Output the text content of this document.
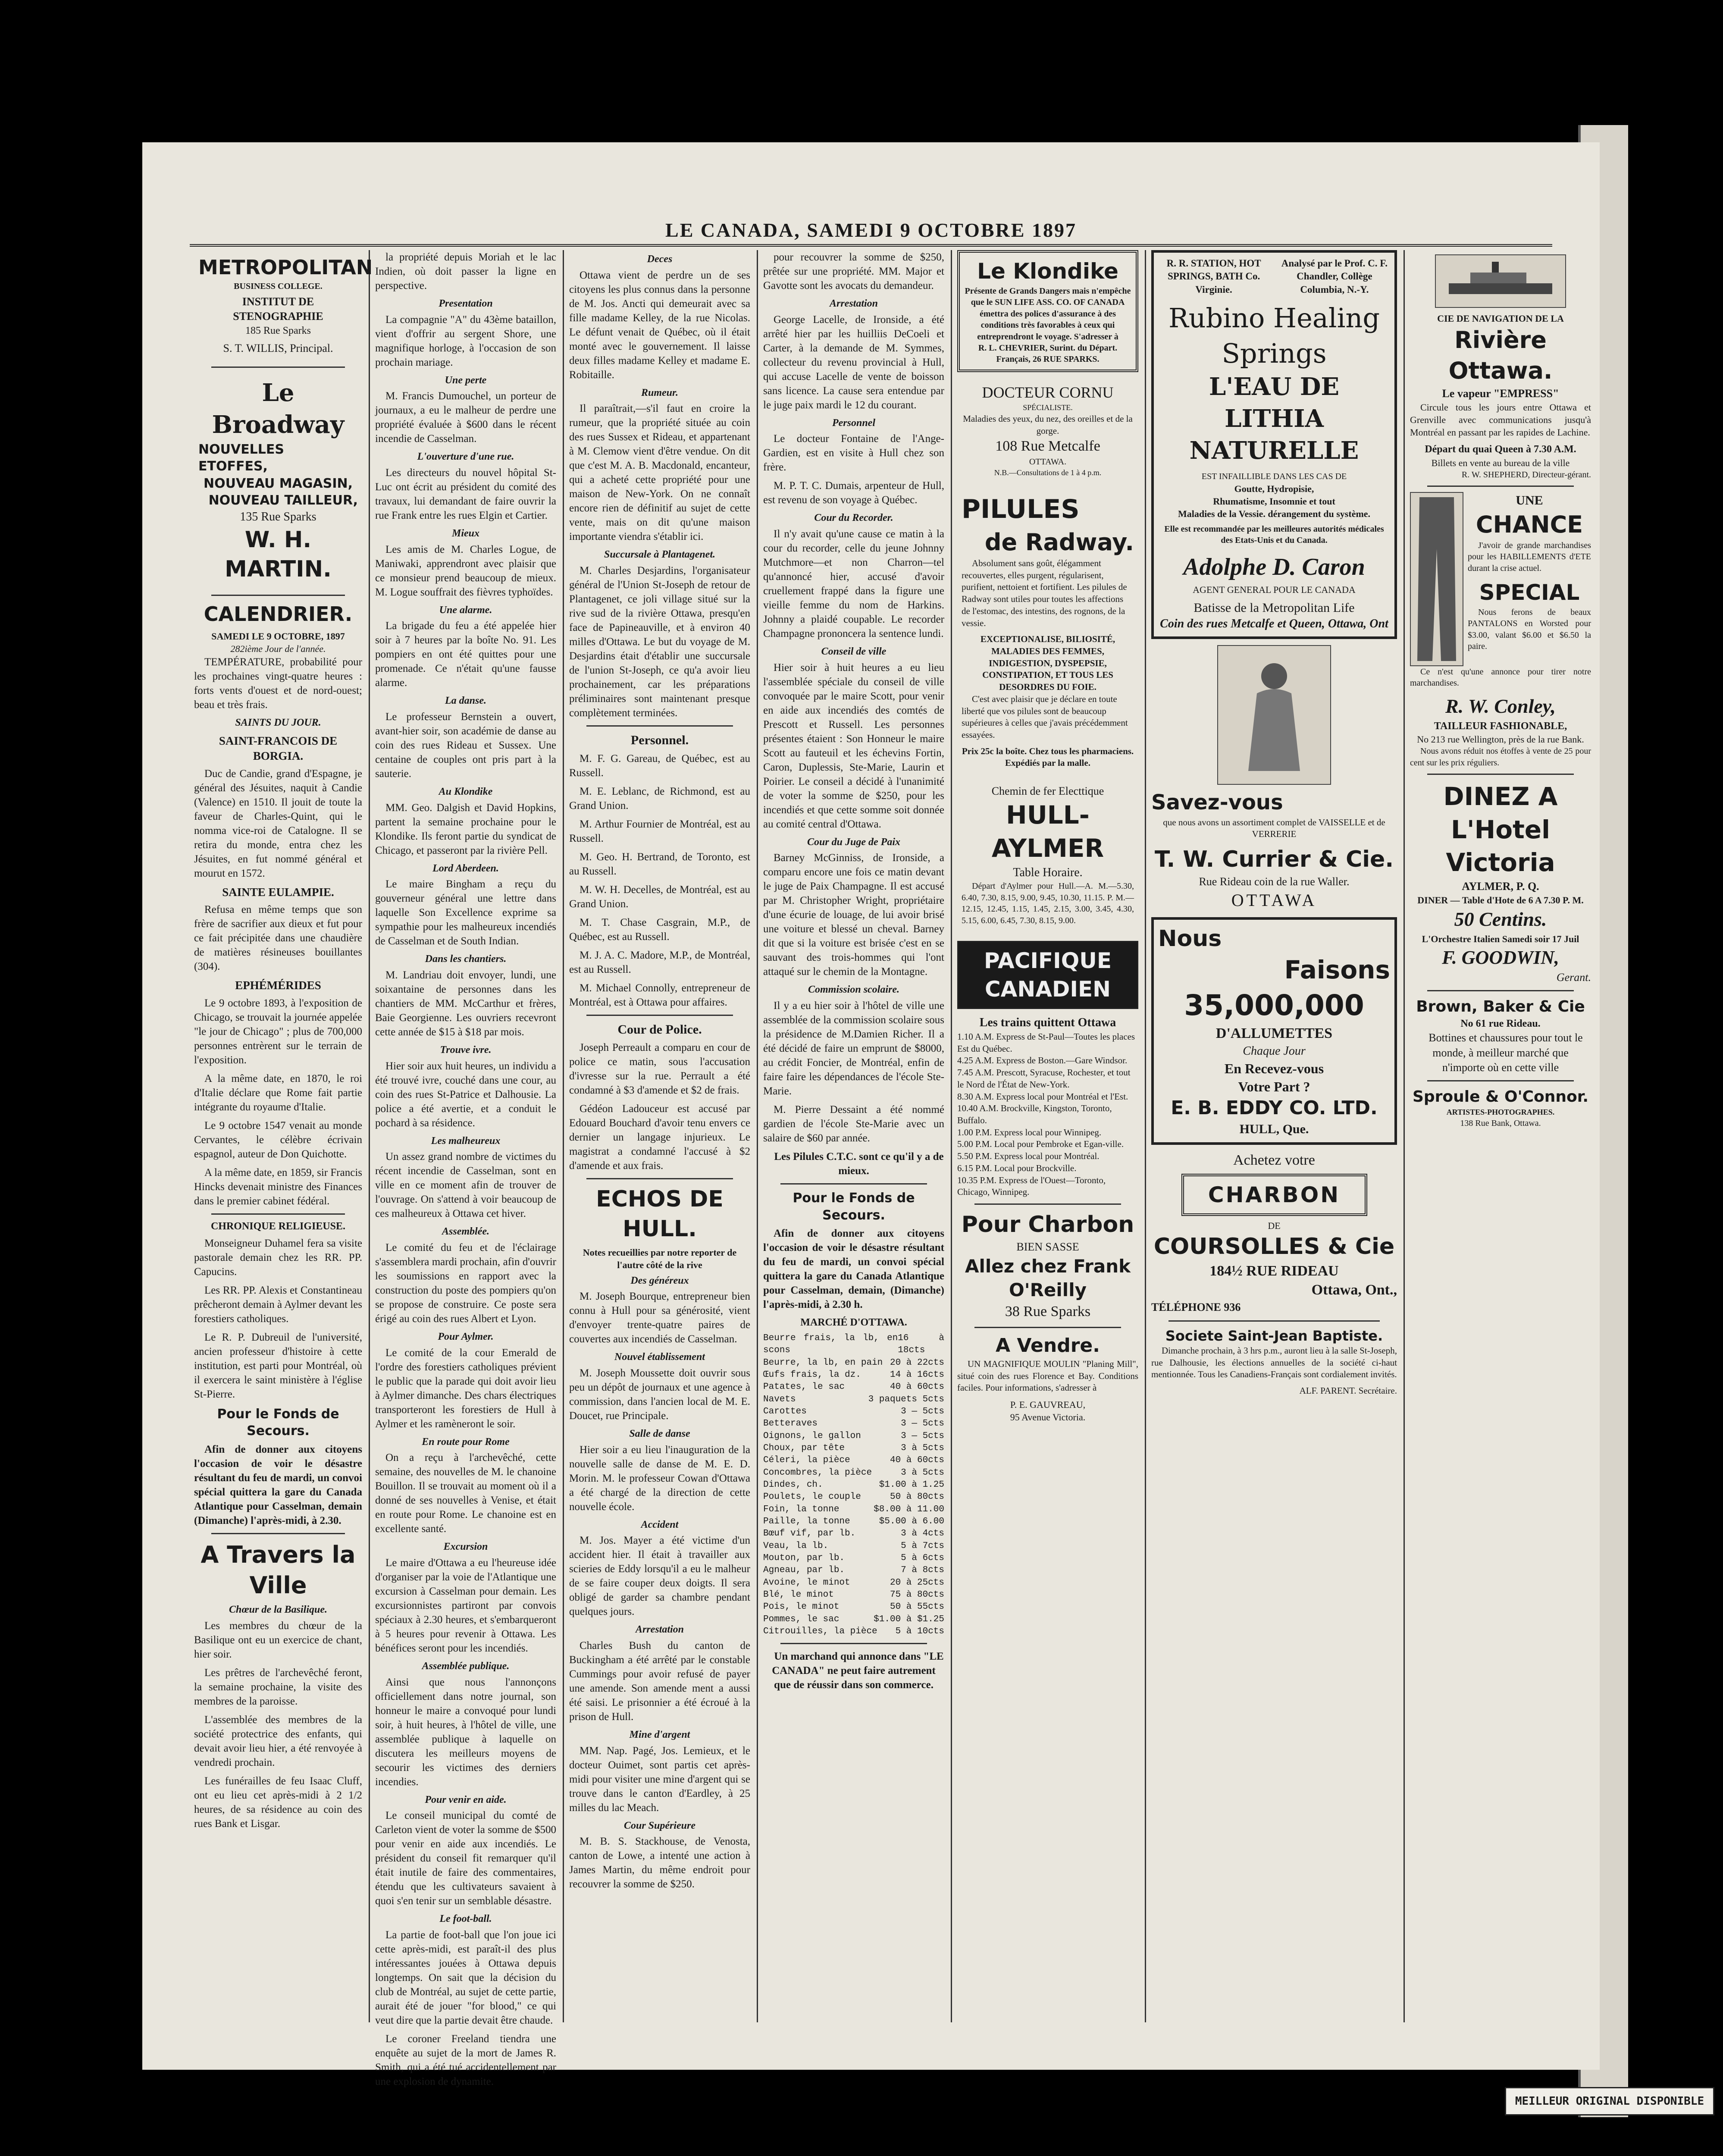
LE CANADA, SAMEDI 9 OCTOBRE 1897
METROPOLITAN
BUSINESS COLLEGE.
INSTITUT DE STENOGRAPHIE
185 Rue Sparks
S. T. WILLIS, Principal.
Le Broadway
NOUVELLES ETOFFES,
NOUVEAU MAGASIN,
NOUVEAU TAILLEUR,
135 Rue Sparks
W. H. MARTIN.
CALENDRIER.
SAMEDI LE 9 OCTOBRE, 1897
282ième Jour de l'année.

TEMPÉRATURE, probabilité pour les prochaines vingt-quatre heures : forts vents d'ouest et de nord-ouest; beau et très frais.

SAINTS DU JOUR.
SAINT-FRANCOIS DE BORGIA.

Duc de Candie, grand d'Espagne, je général des Jésuites, naquit à Candie (Valence) en 1510. Il jouit de toute la faveur de Charles-Quint, qui le nomma vice-roi de Catalogne. Il se retira du monde, entra chez les Jésuites, en fut nommé général et mourut en 1572.

SAINTE EULAMPIE.

Refusa en même temps que son frère de sacrifier aux dieux et fut pour ce fait précipitée dans une chaudière de matières résineuses bouillantes (304).

EPHÉMÉRIDES

Le 9 octobre 1893, à l'exposition de Chicago, se trouvait la journée appelée "le jour de Chicago" ; plus de 700,000 personnes entrèrent sur le terrain de l'exposition.

A la même date, en 1870, le roi d'Italie déclare que Rome fait partie intégrante du royaume d'Italie.

Le 9 octobre 1547 venait au monde Cervantes, le célèbre écrivain espagnol, auteur de Don Quichotte.

A la même date, en 1859, sir Francis Hincks devenait ministre des Finances dans le premier cabinet fédéral.

CHRONIQUE RELIGIEUSE.

Monseigneur Duhamel fera sa visite pastorale demain chez les RR. PP. Capucins.

Les RR. PP. Alexis et Constantineau prêcheront demain à Aylmer devant les forestiers catholiques.

Le R. P. Dubreuil de l'université, ancien professeur d'histoire à cette institution, est parti pour Montréal, où il exercera le saint ministère à l'église St-Pierre.

Pour le Fonds de Secours.

Afin de donner aux citoyens l'occasion de voir le désastre résultant du feu de mardi, un convoi spécial quittera la gare du Canada Atlantique pour Casselman, demain (Dimanche) l'après-midi, à 2.30.

A Travers la Ville
Chœur de la Basilique.

Les membres du chœur de la Basilique ont eu un exercice de chant, hier soir.

Les prêtres de l'archevêché feront, la semaine prochaine, la visite des membres de la paroisse.

L'assemblée des membres de la société protectrice des enfants, qui devait avoir lieu hier, a été renvoyée à vendredi prochain.

Les funérailles de feu Isaac Cluff, ont eu lieu cet après-midi à 2 1/2 heures, de sa résidence au coin des rues Bank et Lisgar.

la propriété depuis Moriah et le lac Indien, où doit passer la ligne en perspective.

Presentation

La compagnie "A" du 43ème bataillon, vient d'offrir au sergent Shore, une magnifique horloge, à l'occasion de son prochain mariage.

Une perte

M. Francis Dumouchel, un porteur de journaux, a eu le malheur de perdre une propriété évaluée à $600 dans le récent incendie de Casselman.

L'ouverture d'une rue.

Les directeurs du nouvel hôpital St-Luc ont écrit au président du comité des travaux, lui demandant de faire ouvrir la rue Frank entre les rues Elgin et Cartier.

Mieux

Les amis de M. Charles Logue, de Maniwaki, apprendront avec plaisir que ce monsieur prend beaucoup de mieux. M. Logue souffrait des fièvres typhoïdes.

Une alarme.

La brigade du feu a été appelée hier soir à 7 heures par la boîte No. 91. Les pompiers en ont été quittes pour une promenade. Ce n'était qu'une fausse alarme.

La danse.

Le professeur Bernstein a ouvert, avant-hier soir, son académie de danse au coin des rues Rideau et Sussex. Une centaine de couples ont pris part à la sauterie.

Au Klondike

MM. Geo. Dalgish et David Hopkins, partent la semaine prochaine pour le Klondike. Ils feront partie du syndicat de Chicago, et passeront par la rivière Pell.

Lord Aberdeen.

Le maire Bingham a reçu du gouverneur général une lettre dans laquelle Son Excellence exprime sa sympathie pour les malheureux incendiés de Casselman et de South Indian.

Dans les chantiers.

M. Landriau doit envoyer, lundi, une soixantaine de personnes dans les chantiers de MM. McCarthur et frères, Baie Georgienne. Les ouvriers recevront cette année de $15 à $18 par mois.

Trouve ivre.

Hier soir aux huit heures, un individu a été trouvé ivre, couché dans une cour, au coin des rues St-Patrice et Dalhousie. La police a été avertie, et a conduit le pochard à sa résidence.

Les malheureux

Un assez grand nombre de victimes du récent incendie de Casselman, sont en ville en ce moment afin de trouver de l'ouvrage. On s'attend à voir beaucoup de ces malheureux à Ottawa cet hiver.

Assemblée.

Le comité du feu et de l'éclairage s'assemblera mardi prochain, afin d'ouvrir les soumissions en rapport avec la construction du poste des pompiers qu'on se propose de construire. Ce poste sera érigé au coin des rues Albert et Lyon.

Pour Aylmer.

Le comité de la cour Emerald de l'ordre des forestiers catholiques prévient le public que la parade qui doit avoir lieu à Aylmer dimanche. Des chars électriques transporteront les forestiers de Hull à Aylmer et les ramèneront le soir.

En route pour Rome

On a reçu à l'archevêché, cette semaine, des nouvelles de M. le chanoine Bouillon. Il se trouvait au moment où il a donné de ses nouvelles à Venise, et était en route pour Rome. Le chanoine est en excellente santé.

Excursion

Le maire d'Ottawa a eu l'heureuse idée d'organiser par la voie de l'Atlantique une excursion à Casselman pour demain. Les excursionnistes partiront par convois spéciaux à 2.30 heures, et s'embarqueront à 5 heures pour revenir à Ottawa. Les bénéfices seront pour les incendiés.

Assemblée publique.

Ainsi que nous l'annonçons officiellement dans notre journal, son honneur le maire a convoqué pour lundi soir, à huit heures, à l'hôtel de ville, une assemblée publique à laquelle on discutera les meilleurs moyens de secourir les victimes des derniers incendies.

Pour venir en aide.

Le conseil municipal du comté de Carleton vient de voter la somme de $500 pour venir en aide aux incendiés. Le président du conseil fit remarquer qu'il était inutile de faire des commentaires, étendu que les cultivateurs savaient à quoi s'en tenir sur un semblable désastre.

Le foot-ball.

La partie de foot-ball que l'on joue ici cette après-midi, est paraît-il des plus intéressantes jouées à Ottawa depuis longtemps. On sait que la décision du club de Montréal, au sujet de cette partie, aurait été de jouer "for blood," ce qui veut dire que la partie devait être chaude.

Le coroner Freeland tiendra une enquête au sujet de la mort de James R. Smith, qui a été tué accidentellement par une explosion de dynamite.

Deces

Ottawa vient de perdre un de ses citoyens les plus connus dans la personne de M. Jos. Ancti qui demeurait avec sa fille madame Kelley, de la rue Nicolas. Le défunt venait de Québec, où il était monté avec le gouvernement. Il laisse deux filles madame Kelley et madame E. Robitaille.

Rumeur.

Il paraîtrait,—s'il faut en croire la rumeur, que la propriété située au coin des rues Sussex et Rideau, et appartenant à M. Clemow vient d'être vendue. On dit que c'est M. A. B. Macdonald, encanteur, qui a acheté cette propriété pour une maison de New-York. On ne connaît encore rien de définitif au sujet de cette vente, mais on dit qu'une maison importante viendra s'établir ici.

Succursale à Plantagenet.

M. Charles Desjardins, l'organisateur général de l'Union St-Joseph de retour de Plantagenet, ce joli village situé sur la rive sud de la rivière Ottawa, presqu'en face de Papineauville, et à environ 40 milles d'Ottawa. Le but du voyage de M. Desjardins était d'établir une succursale de l'union St-Joseph, ce qu'a avoir lieu prochainement, car les préparations préliminaires sont maintenant presque complètement terminées.

Personnel.

M. F. G. Gareau, de Québec, est au Russell.

M. E. Leblanc, de Richmond, est au Grand Union.

M. Arthur Fournier de Montréal, est au Russell.

M. Geo. H. Bertrand, de Toronto, est au Russell.

M. W. H. Decelles, de Montréal, est au Grand Union.

M. T. Chase Casgrain, M.P., de Québec, est au Russell.

M. J. A. C. Madore, M.P., de Montréal, est au Russell.

M. Michael Connolly, entrepreneur de Montréal, est à Ottawa pour affaires.

Cour de Police.

Joseph Perreault a comparu en cour de police ce matin, sous l'accusation d'ivresse sur la rue. Perrault a été condamné à $3 d'amende et $2 de frais.

Gédéon Ladouceur est accusé par Edouard Bouchard d'avoir tenu envers ce dernier un langage injurieux. Le magistrat a condamné l'accusé à $2 d'amende et aux frais.

ECHOS DE HULL.
Notes recueillies par notre reporter de l'autre côté de la rive
Des généreux

M. Joseph Bourque, entrepreneur bien connu à Hull pour sa générosité, vient d'envoyer trente-quatre paires de couvertes aux incendiés de Casselman.

Nouvel établissement

M. Joseph Moussette doit ouvrir sous peu un dépôt de journaux et une agence à commission, dans l'ancien local de M. E. Doucet, rue Principale.

Salle de danse

Hier soir a eu lieu l'inauguration de la nouvelle salle de danse de M. E. D. Morin. M. le professeur Cowan d'Ottawa a été chargé de la direction de cette nouvelle école.

Accident

M. Jos. Mayer a été victime d'un accident hier. Il était à travailler aux scieries de Eddy lorsqu'il a eu le malheur de se faire couper deux doigts. Il sera obligé de garder sa chambre pendant quelques jours.

Arrestation

Charles Bush du canton de Buckingham a été arrêté par le constable Cummings pour avoir refusé de payer une amende. Son amende ment a aussi été saisi. Le prisonnier a été écroué à la prison de Hull.

Mine d'argent

MM. Nap. Pagé, Jos. Lemieux, et le docteur Ouimet, sont partis cet après-midi pour visiter une mine d'argent qui se trouve dans le canton d'Eardley, à 25 milles du lac Meach.

Cour Supérieure

M. B. S. Stackhouse, de Venosta, canton de Lowe, a intenté une action à James Martin, du même endroit pour recouvrer la somme de $250.

pour recouvrer la somme de $250, prêtée sur une propriété. MM. Major et Gavotte sont les avocats du demandeur.

Arrestation

George Lacelle, de Ironside, a été arrêté hier par les huilliis DeCoeli et Carter, à la demande de M. Symmes, collecteur du revenu provincial à Hull, qui accuse Lacelle de vente de boisson sans licence. La cause sera entendue par le juge paix mardi le 12 du courant.

Personnel

Le docteur Fontaine de l'Ange-Gardien, est en visite à Hull chez son frère.

M. P. T. C. Dumais, arpenteur de Hull, est revenu de son voyage à Québec.

Cour du Recorder.

Il n'y avait qu'une cause ce matin à la cour du recorder, celle du jeune Johnny Mutchmore—et non Charron—tel qu'annoncé hier, accusé d'avoir cruellement frappé dans la figure une vieille femme du nom de Harkins. Johnny a plaidé coupable. Le recorder Champagne prononcera la sentence lundi.

Conseil de ville

Hier soir à huit heures a eu lieu l'assemblée spéciale du conseil de ville convoquée par le maire Scott, pour venir en aide aux incendiés des comtés de Prescott et Russell. Les personnes présentes étaient : Son Honneur le maire Scott au fauteuil et les échevins Fortin, Caron, Duplessis, Ste-Marie, Laurin et Poirier. Le conseil a décidé à l'unanimité de voter la somme de $250, pour les incendiés et que cette somme soit donnée au comité central d'Ottawa.

Cour du Juge de Paix

Barney McGinniss, de Ironside, a comparu encore une fois ce matin devant le juge de Paix Champagne. Il est accusé par M. Christopher Wright, propriétaire d'une écurie de louage, de lui avoir brisé une voiture et blessé un cheval. Barney dit que si la voiture est brisée c'est en se sauvant des trois-hommes qui l'ont attaqué sur le chemin de la Montagne.

Commission scolaire.

Il y a eu hier soir à l'hôtel de ville une assemblée de la commission scolaire sous la présidence de M.Damien Richer. Il a été décidé de faire un emprunt de $8000, au crédit Foncier, de Montréal, enfin de faire faire les dépendances de l'école Ste-Marie.

M. Pierre Dessaint a été nommé gardien de l'école Ste-Marie avec un salaire de $60 par année.

Les Pilules C.T.C. sont ce qu'il y a de mieux.

Pour le Fonds de Secours.

Afin de donner aux citoyens l'occasion de voir le désastre résultant du feu de mardi, un convoi spécial quittera la gare du Canada Atlantique pour Casselman, demain, (Dimanche) l'après-midi, à 2.30 h.

MARCHÉ D'OTTAWA.
Beurre frais, la lb, en scons
16 à 18cts
Beurre, la lb, en pain 20 à 22cts
Œufs frais, la dz.	14 à 16cts
Patates, le sac	40 à 60cts
Navets	3 paquets 5cts
Carottes	3 — 5cts
Betteraves	3 — 5cts
Oignons, le gallon	3 — 5cts
Choux, par tête	3 à 5cts
Céleri, la pièce	40 à 60cts
Concombres, la pièce	3 à 5cts
Dindes, ch.	$1.00 à 1.25
Poulets, le couple	50 à 80cts
Foin, la tonne	$8.00 à 11.00
Paille, la tonne	$5.00 à 6.00
Bœuf vif, par lb.	3 à 4cts
Veau, la lb.	5 à 7cts
Mouton, par lb.	5 à 6cts
Agneau, par lb.	7 à 8cts
Avoine, le minot	20 à 25cts
Blé, le minot	75 à 80cts
Pois, le minot	50 à 55cts
Pommes, le sac	$1.00 à $1.25
Citrouilles, la pièce 5 à 10cts

Un marchand qui annonce dans "LE CANADA" ne peut faire autrement que de réussir dans son commerce.

Le Klondike
Présente de Grands Dangers mais n'empêche que le SUN LIFE ASS. CO. OF CANADA émettra des polices d'assurance à des conditions très favorables à ceux qui entreprendront le voyage. S'adresser à
R. L. CHEVRIER, Surint. du Départ. Français, 26 RUE SPARKS.
DOCTEUR CORNU
SPÉCIALISTE.
Maladies des yeux, du nez, des oreilles et de la gorge.
108 Rue Metcalfe
OTTAWA.
N.B.—Consultations de 1 à 4 p.m.
PILULES
de Radway.

Absolument sans goût, élégamment recouvertes, elles purgent, régularisent, purifient, nettoient et fortifient. Les pilules de Radway sont utiles pour toutes les affections de l'estomac, des intestins, des rognons, de la vessie.

EXCEPTIONALISE, BILIOSITÉ, MALADIES DES FEMMES, INDIGESTION, DYSPEPSIE, CONSTIPATION, ET TOUS LES DESORDRES DU FOIE.

C'est avec plaisir que je déclare en toute liberté que vos pilules sont de beaucoup supérieures à celles que j'avais précédemment essayées.

Prix 25c la boîte. Chez tous les pharmaciens. Expédiés par la malle.
Chemin de fer Electtique
HULL-AYLMER
Table Horaire.

Départ d'Aylmer pour Hull.—A. M.—5.30, 6.40, 7.30, 8.15, 9.00, 9.45, 10.30, 11.15. P. M.—12.15, 12.45, 1.15, 1.45, 2.15, 3.00, 3.45, 4.30, 5.15, 6.00, 6.45, 7.30, 8.15, 9.00.

PACIFIQUE
CANADIEN
Les trains quittent Ottawa
1.10 A.M. Express de St-Paul—Toutes les places Est du Québec.
4.25 A.M. Express de Boston.—Gare Windsor.
7.45 A.M. Prescott, Syracuse, Rochester, et tout le Nord de l'État de New-York.
8.30 A.M. Express local pour Montréal et l'Est.
10.40 A.M. Brockville, Kingston, Toronto, Buffalo.
1.00 P.M. Express local pour Winnipeg.
5.00 P.M. Local pour Pembroke et Egan-ville.
5.50 P.M. Express local pour Montréal.
6.15 P.M. Local pour Brockville.
10.35 P.M. Express de l'Ouest—Toronto, Chicago, Winnipeg.
Pour Charbon
BIEN SASSE
Allez chez Frank O'Reilly
38 Rue Sparks
A Vendre.

UN MAGNIFIQUE MOULIN "Planing Mill", situé coin des rues Florence et Bay. Conditions faciles. Pour informations, s'adresser à

P. E. GAUVREAU,
95 Avenue Victoria.
R. R. STATION, HOT SPRINGS, BATH Co. Virginie.
Analysé par le Prof. C. F. Chandler, Collège Columbia, N.-Y.
Rubino Healing Springs
L'EAU DE LITHIA NATURELLE
EST INFAILLIBLE DANS LES CAS DE
Goutte, Hydropisie,
Rhumatisme, Insomnie et tout
Maladies de la Vessie. dérangement du système.
Elle est recommandée par les meilleures autorités médicales des Etats-Unis et du Canada.
Adolphe D. Caron
AGENT GENERAL POUR LE CANADA
Batisse de la Metropolitan Life
Coin des rues Metcalfe et Queen, Ottawa, Ont
Savez-vous
que nous avons un assortiment complet de VAISSELLE et de VERRERIE
T. W. Currier & Cie.
Rue Rideau coin de la rue Waller.
OTTAWA
Nous
Faisons
35,000,000
D'ALLUMETTES
Chaque Jour
En Recevez-vous
Votre Part ?
E. B. EDDY CO. LTD.
HULL, Que.
Achetez votre
CHARBON
DE
COURSOLLES & Cie
184½ RUE RIDEAU
Ottawa, Ont.,
TÉLÉPHONE 936
Societe Saint-Jean Baptiste.

Dimanche prochain, à 3 hrs p.m., auront lieu à la salle St-Joseph, rue Dalhousie, les élections annuelles de la société ci-haut mentionnée. Tous les Canadiens-Français sont cordialement invités.

ALF. PARENT. Secrétaire.
CIE DE NAVIGATION DE LA
Rivière Ottawa.
Le vapeur "EMPRESS"

Circule tous les jours entre Ottawa et Grenville avec communications jusqu'à Montréal en passant par les rapides de Lachine.

Départ du quai Queen à 7.30 A.M.
Billets en vente au bureau de la ville
R. W. SHEPHERD, Directeur-gérant.
UNE
CHANCE

J'avoir de grande marchandises pour les HABILLEMENTS d'ETE durant la crise actuel.

SPECIAL

Nous ferons de beaux PANTALONS en Worsted pour $3.00, valant $6.00 et $6.50 la paire.

Ce n'est qu'une annonce pour tirer notre marchandises.

R. W. Conley,
TAILLEUR FASHIONABLE,
No 213 rue Wellington, près de la rue Bank.

Nous avons réduit nos étoffes à vente de 25 pour cent sur les prix réguliers.

DINEZ A
L'Hotel Victoria
AYLMER, P. Q.
DINER — Table d'Hote de 6 A 7.30 P. M.
50 Centins.
L'Orchestre Italien Samedi soir 17 Juil
F. GOODWIN,
Gerant.
Brown, Baker & Cie
No 61 rue Rideau.

Bottines et chaussures pour tout le monde, à meilleur marché que n'importe où en cette ville

Sproule & O'Connor.
ARTISTES-PHOTOGRAPHES.
138 Rue Bank, Ottawa.
MEILLEUR ORIGINAL DISPONIBLE
